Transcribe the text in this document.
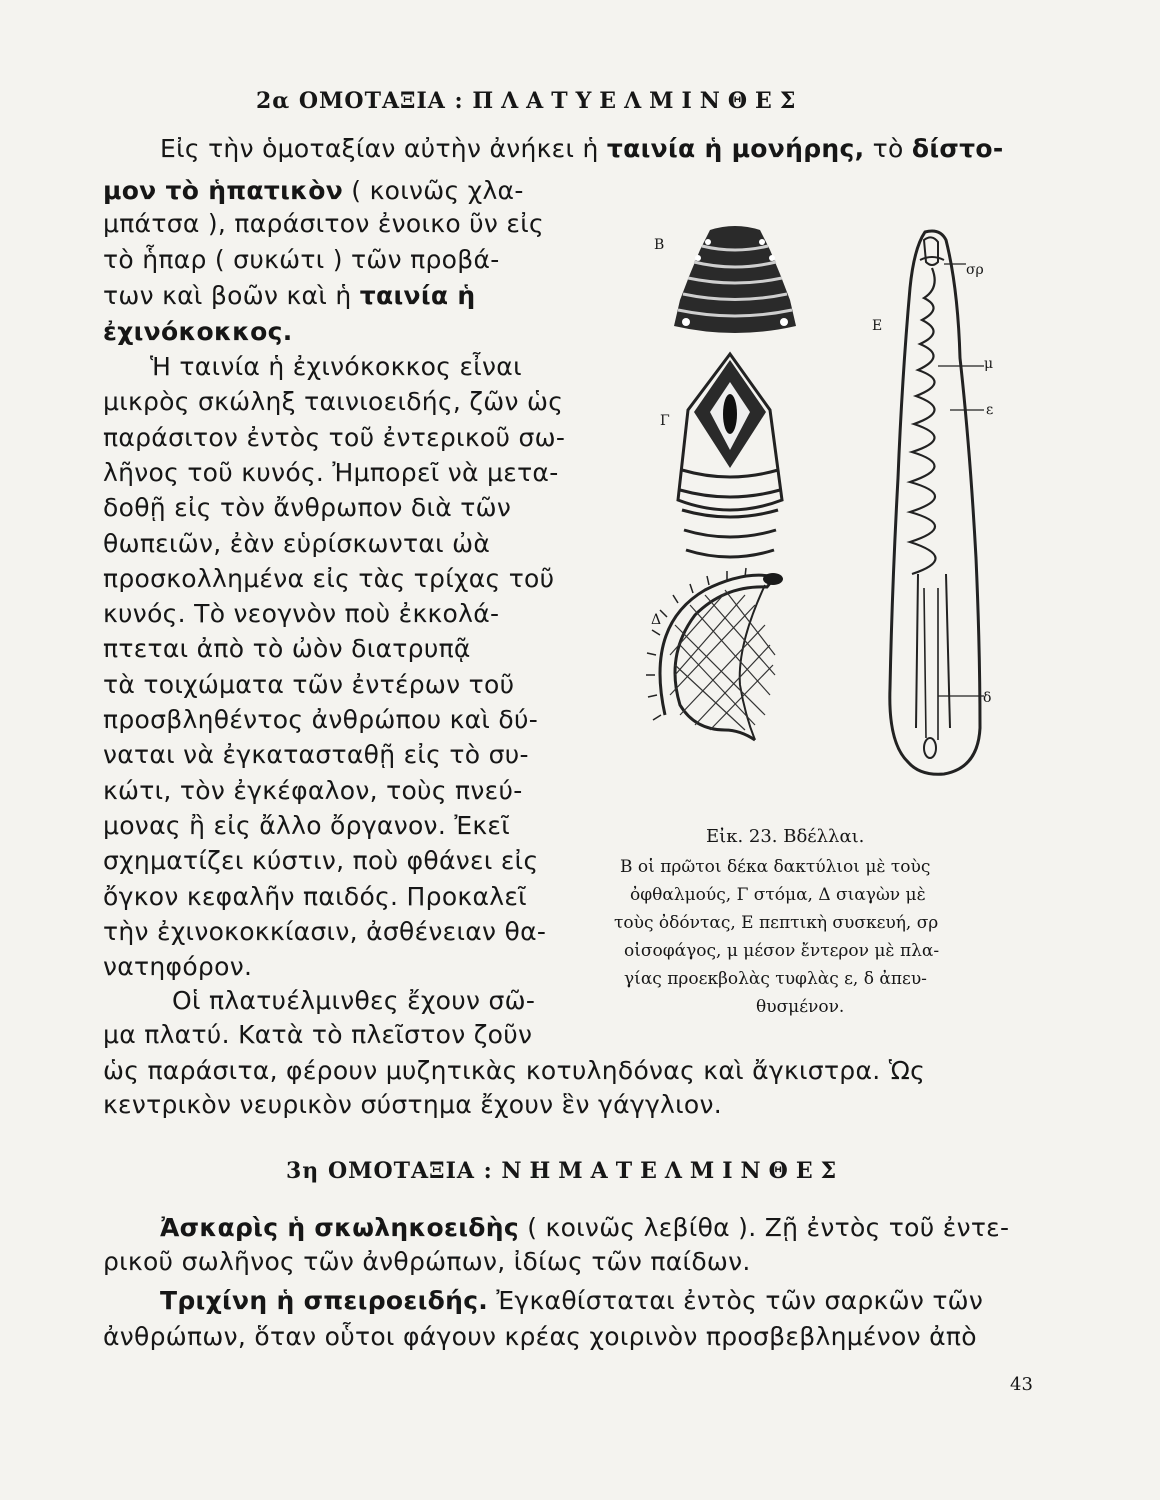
2α ΟΜΟΤΑΞΙΑ : ΠΛΑΤΥΕΛΜΙΝΘΕΣ
Εἰς τὴν ὁμοταξίαν αὐτὴν ἀνήκει ἡ ταινία ἡ μονήρης, τὸ δίστο-
μον τὸ ἡπατικὸν ( κοινῶς χλα-
μπάτσα ), παράσιτον ἐνοικο ῦν εἰς
τὸ ἧπαρ ( συκώτι ) τῶν προβά-
των καὶ βοῶν καὶ ἡ ταινία ἡ
ἐχινόκοκκος.
Ἡ ταινία ἡ ἐχινόκοκκος εἶναι
μικρὸς σκώληξ ταινιοειδής, ζῶν ὡς
παράσιτον ἐντὸς τοῦ ἐντερικοῦ σω-
λῆνος τοῦ κυνός. Ἠμπορεῖ νὰ μετα-
δοθῇ εἰς τὸν ἄνθρωπον διὰ τῶν
θωπειῶν, ἐὰν εὑρίσκωνται ὠὰ
προσκολλημένα εἰς τὰς τρίχας τοῦ
κυνός. Τὸ νεογνὸν ποὺ ἐκκολά-
πτεται ἀπὸ τὸ ὠὸν διατρυπᾷ
τὰ τοιχώματα τῶν ἐντέρων τοῦ
προσβληθέντος ἀνθρώπου καὶ δύ-
ναται νὰ ἐγκατασταθῇ εἰς τὸ συ-
κώτι, τὸν ἐγκέφαλον, τοὺς πνεύ-
μονας ἢ εἰς ἄλλο ὄργανον. Ἐκεῖ
σχηματίζει κύστιν, ποὺ φθάνει εἰς
ὄγκον κεφαλῆν παιδός. Προκαλεῖ
τὴν ἐχινοκοκκίασιν, ἀσθένειαν θα-
νατηφόρον.
Οἱ πλατυέλμινθες ἔχουν σῶ-
μα πλατύ. Κατὰ τὸ πλεῖστον ζοῦν
ὡς παράσιτα, φέρουν μυζητικὰς κοτυληδόνας καὶ ἄγκιστρα. Ὡς
κεντρικὸν νευρικὸν σύστημα ἔχουν ἓν γάγγλιον.
Β
Γ
Δ
Ε
σρ
μ
ε
δ
Εἰκ. 23. Βδέλλαι.
Β οἱ πρῶτοι δέκα δακτύλιοι μὲ τοὺς
ὀφθαλμούς, Γ στόμα, Δ σιαγὼν μὲ
τοὺς ὀδόντας, Ε πεπτικὴ συσκευή, σρ
οἰσοφάγος, μ μέσον ἔντερον μὲ πλα-
γίας προεκβολὰς τυφλὰς ε, δ ἀπευ-
θυσμένον.
3η ΟΜΟΤΑΞΙΑ : ΝΗΜΑΤΕΛΜΙΝΘΕΣ
Ἀσκαρὶς ἡ σκωληκοειδὴς ( κοινῶς λεβίθα ). Ζῇ ἐντὸς τοῦ ἐντε-
ρικοῦ σωλῆνος τῶν ἀνθρώπων, ἰδίως τῶν παίδων.
Τριχίνη ἡ σπειροειδής. Ἐγκαθίσταται ἐντὸς τῶν σαρκῶν τῶν
ἀνθρώπων, ὅταν οὗτοι φάγουν κρέας χοιρινὸν προσβεβλημένον ἀπὸ
43
